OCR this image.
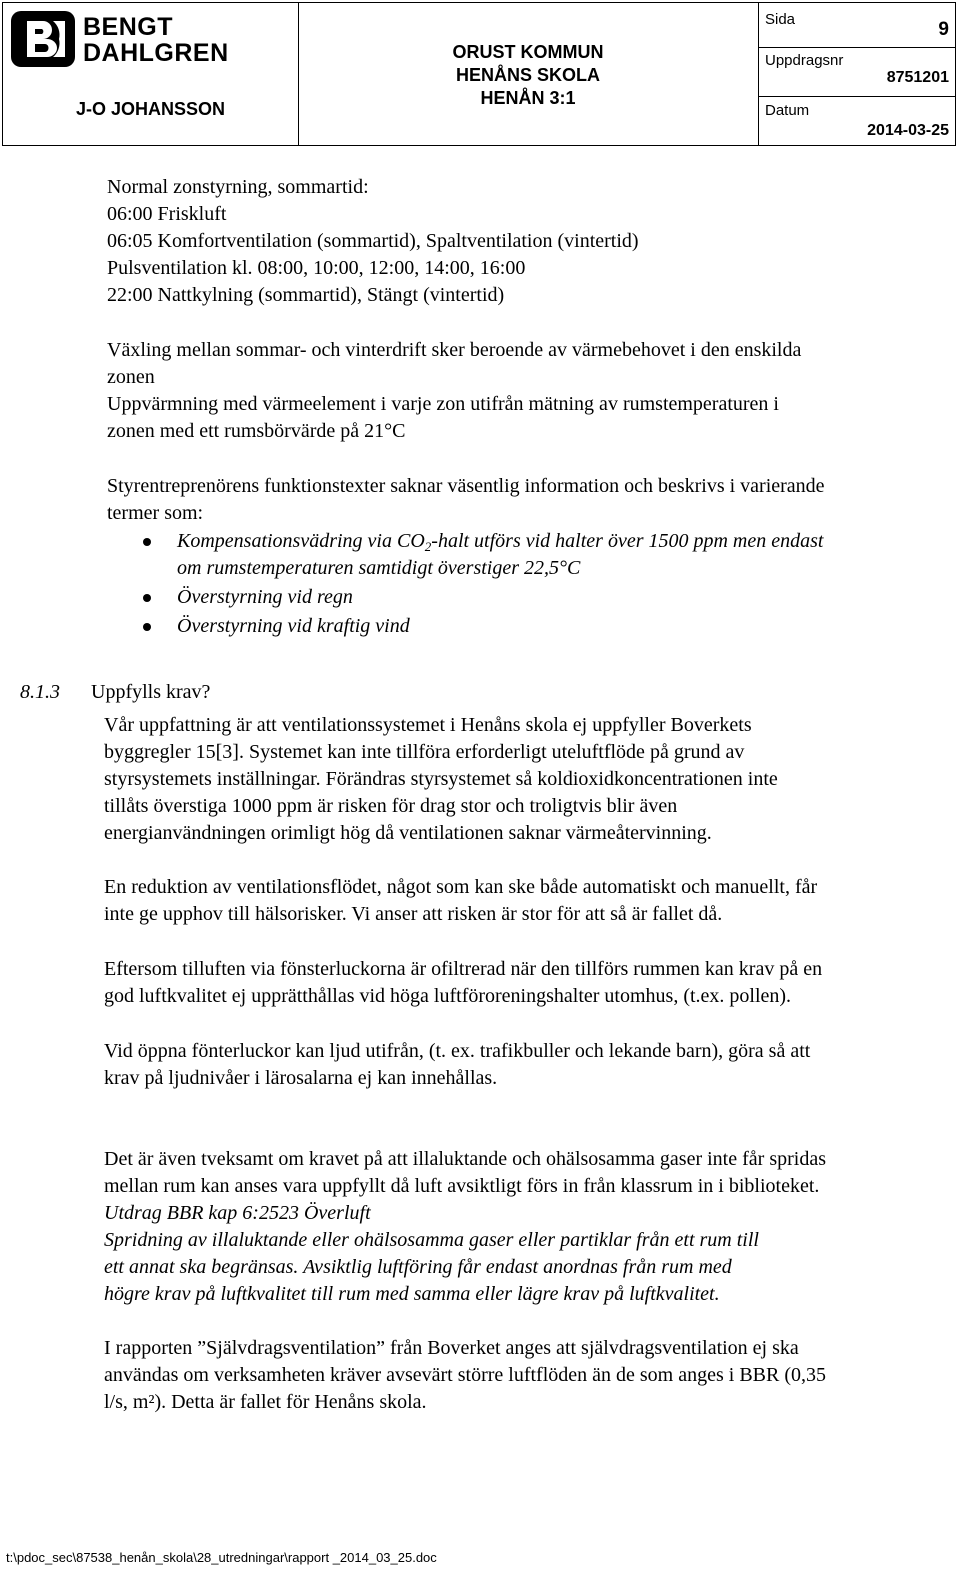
BENGT
DAHLGREN
J-O JOHANSSON
ORUST KOMMUN
HENÅNS SKOLA
HENÅN 3:1
Sida	9
Uppdragsnr
8751201
Datum
2014-03-25
Normal zonstyrning, sommartid:
06:00 Friskluft
06:05 Komfortventilation (sommartid), Spaltventilation (vintertid)
Pulsventilation kl. 08:00, 10:00, 12:00, 14:00, 16:00
22:00 Nattkylning (sommartid), Stängt (vintertid)
Växling mellan sommar- och vinterdrift sker beroende av värmebehovet i den enskilda
zonen
Uppvärmning med värmeelement i varje zon utifrån mätning av rumstemperaturen i
zonen med ett rumsbörvärde på 21°C
Styrentreprenörens funktionstexter saknar väsentlig information och beskrivs i varierande
termer som:
Kompensationsvädring via $CO_2$-halt utförs vid halter över 1500 ppm men endast
om rumstemperaturen samtidigt överstiger 22,5°C
Överstyrning vid regn
Överstyrning vid kraftig vind
8.1.3 Uppfylls krav?
Vår uppfattning är att ventilationssystemet i Henåns skola ej uppfyller Boverkets
byggregler 15[3]. Systemet kan inte tillföra erforderligt uteluftflöde på grund av
styrsystemets inställningar. Förändras styrsystemet så koldioxidkoncentrationen inte
tillåts överstiga 1000 ppm är risken för drag stor och troligtvis blir även
energianvändningen orimligt hög då ventilationen saknar värmeåtervinning.
En reduktion av ventilationsflödet, något som kan ske både automatiskt och manuellt, får
inte ge upphov till hälsorisker. Vi anser att risken är stor för att så är fallet då.
Eftersom tilluften via fönsterluckorna är ofiltrerad när den tillförs rummen kan krav på en
god luftkvalitet ej upprätthållas vid höga luftföroreningshalter utomhus, (t.ex. pollen).
Vid öppna fönterluckor kan ljud utifrån, (t. ex. trafikbuller och lekande barn), göra så att
krav på ljudnivåer i lärosalarna ej kan innehållas.
Det är även tveksamt om kravet på att illaluktande och ohälsosamma gaser inte får spridas
mellan rum kan anses vara uppfyllt då luft avsiktligt förs in från klassrum in i biblioteket.
Utdrag BBR kap 6:2523 Överluft
Spridning av illaluktande eller ohälsosamma gaser eller partiklar från ett rum till
ett annat ska begränsas. Avsiktlig luftföring får endast anordnas från rum med
högre krav på luftkvalitet till rum med samma eller lägre krav på luftkvalitet.
I rapporten ”Självdragsventilation” från Boverket anges att självdragsventilation ej ska
användas om verksamheten kräver avsevärt större luftflöden än de som anges i BBR (0,35
l/s, m²). Detta är fallet för Henåns skola.
t:\pdoc_sec\87538_henån_skola\28_utredningar\rapport _2014_03_25.doc
